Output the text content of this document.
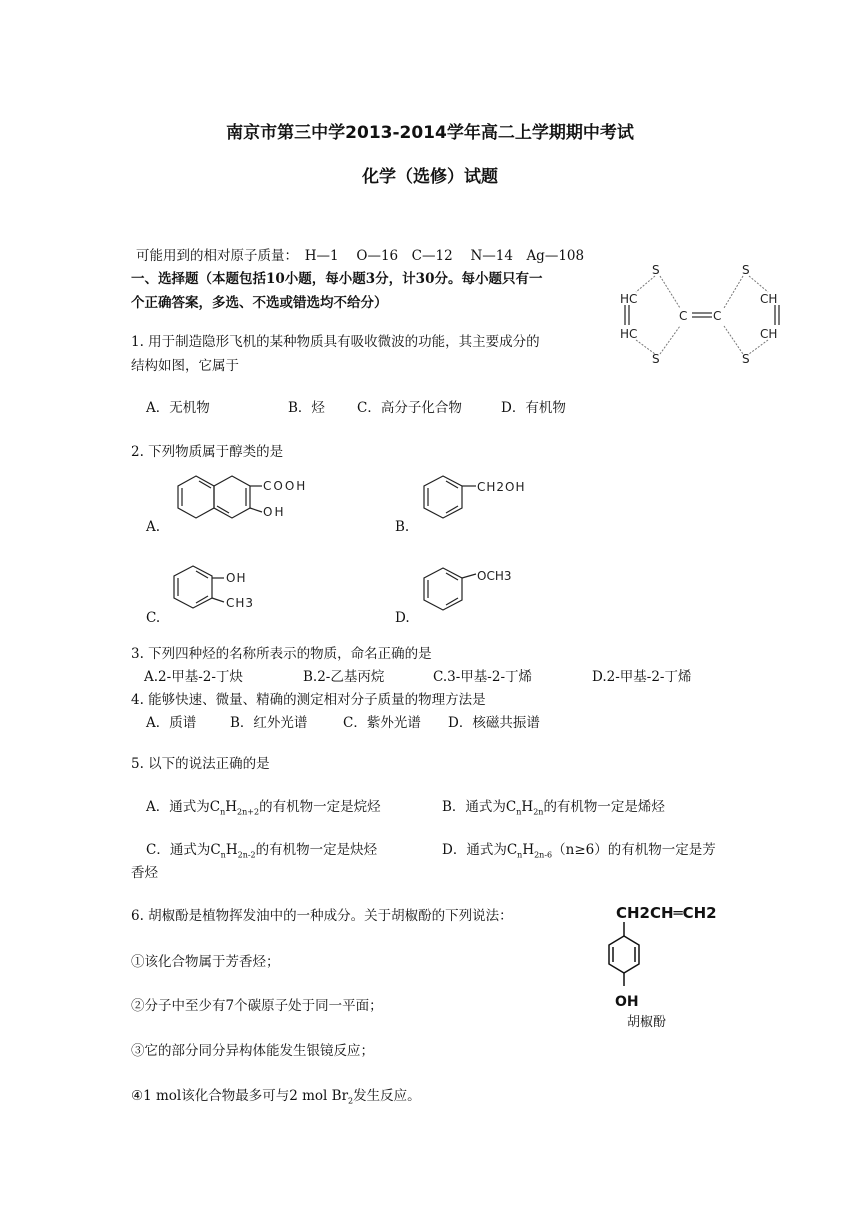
南京市第三中学2013-2014学年高二上学期期中考试
化学（选修）试题
可能用到的相对原子质量：　H—1　 O—16　C—12　 N—14　Ag—108
一、选择题（本题包括10小题，每小题3分，计30分。每小题只有一
个正确答案，多选、不选或错选均不给分）
S
S
S
S
HC
HC
CH
CH
C C
1. 用于制造隐形飞机的某种物质具有吸收微波的功能，其主要成分的
结构如图，它属于
A．无机物	B．烃 C．高分子化合物	D．有机物
2. 下列物质属于醇类的是
COOH
OH
A.
CH2OH
B.
OH
CH3
C.
OCH3
D.
3. 下列四种烃的名称所表示的物质，命名正确的是
A.2-甲基-2-丁炔	B.2-乙基丙烷	C.3-甲基-2-丁烯	D.2-甲基-2-丁烯
4. 能够快速、微量、精确的测定相对分子质量的物理方法是
A．质谱	B．红外光谱	C．紫外光谱 D．核磁共振谱
5. 以下的说法正确的是
A．通式为$C_nH_{2n+2}$的有机物一定是烷烃	B．通式为$C_nH_{2n}$的有机物一定是烯烃
C．通式为$C_nH_{2n-2}$的有机物一定是炔烃	D．通式为$C_nH_{2n-6}(n\ge 6)$的有机物一定是芳
香烃
6. 胡椒酚是植物挥发油中的一种成分。关于胡椒酚的下列说法：
①该化合物属于芳香烃；
②分子中至少有7个碳原子处于同一平面；
③它的部分同分异构体能发生银镜反应；
④1 mol该化合物最多可与2 mol $Br_2$发生反应。
CH2CH═CH2
OH
胡椒酚
